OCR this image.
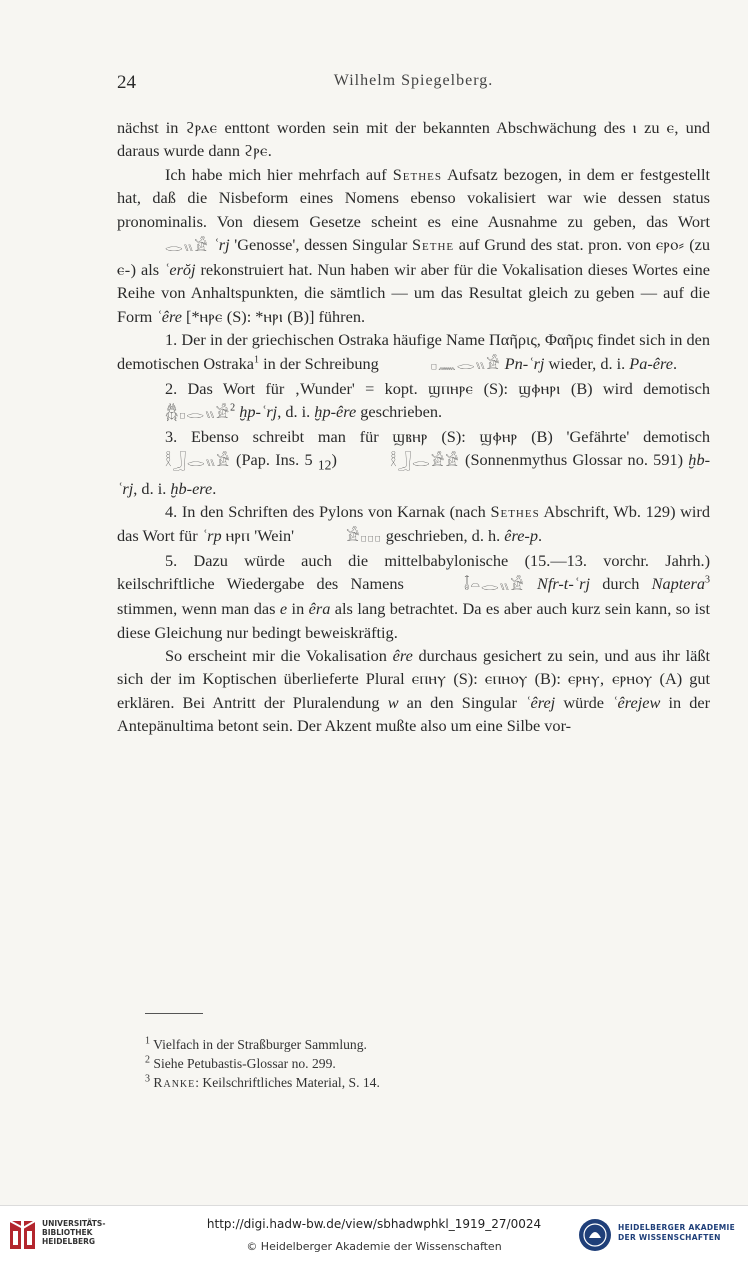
24	Wilhelm Spiegelberg.

nächst in ϩⲣⲁⲉ enttont worden sein mit der bekannten Abschwächung des ⲓ zu ⲉ, und daraus wurde dann ϩⲣⲉ.

Ich habe mich hier mehrfach auf Sethes Aufsatz bezogen, in dem er festgestellt hat, daß die Nisbeform eines Nomens ebenso vokalisiert war wie dessen status pronominalis. Von diesem Gesetze scheint es eine Ausnahme zu geben, das Wort 𓂋𓏭𓀀 ʿrj 'Genosse', dessen Singular Sethe auf Grund des stat. pron. von ⲉⲣⲟ⸗ (zu ⲉ-) als ʿerŏj rekonstruiert hat. Nun haben wir aber für die Vokalisation dieses Wortes eine Reihe von Anhaltspunkten, die sämtlich — um das Resultat gleich zu geben — auf die Form ʿêre [*ⲏⲣⲉ (S): *ⲏⲣⲓ (B)] führen.

1. Der in der griechischen Ostraka häufige Name Παῆρις, Φαῆρις findet sich in den demotischen Ostraka$^1$ in der Schreibung	𓊪𓈖𓂋𓏭𓀀 Pn-ʿrj wieder, d. i. Pa-êre.

2. Das Wort für ‚Wunder' = kopt. ϣⲡⲏⲣⲉ (S): ϣⲫⲏⲣⲓ (B) wird demotisch 𓆣𓊪𓂋𓏭𓀀$^2$ ḫp-ʿrj, d. i. ḫp-êre geschrieben.

3. Ebenso schreibt man für ϣⲃⲏⲣ (S): ϣⲫⲏⲣ (B) 'Gefährte' demotisch 𓎛𓃀𓂋𓏭𓀀 (Pap. Ins. 5 $_{12}$)	𓎛𓃀𓂋𓀀𓀀 (Sonnenmythus Glossar no. 591) ḫb-ʿrj, d. i. ḫb-ere.

4. In den Schriften des Pylons von Karnak (nach Sethes Abschrift, Wb. 129) wird das Wort für ʿrp ⲏⲣⲡ 'Wein'	𓀀𓊪𓊪𓊪 geschrieben, d. h. êre-p.

5. Dazu würde auch die mittelbabylonische (15.—13. vorchr. Jahrh.) keilschriftliche Wiedergabe des Namens	𓄤𓏏𓂋𓏭𓀀 Nfr-t-ʿrj durch Naptera$^3$ stimmen, wenn man das e in êra als lang betrachtet. Da es aber auch kurz sein kann, so ist diese Gleichung nur bedingt beweiskräftig.

So erscheint mir die Vokalisation êre durchaus gesichert zu sein, und aus ihr läßt sich der im Koptischen überlieferte Plural ⲉⲡⲏⲩ (S): ⲉⲡⲏⲟⲩ (B): ⲉⲣⲏⲩ, ⲉⲣⲏⲟⲩ (A) gut erklären. Bei Antritt der Pluralendung w an den Singular ʿêrej würde ʿêrejew in der Antepänultima betont sein. Der Akzent mußte also um eine Silbe vor-

$^1$ Vielfach in der Straßburger Sammlung.

$^2$ Siehe Petubastis-Glossar no. 299.

$^3$ Ranke: Keilschriftliches Material, S. 14.

UNIVERSITÄTS-
BIBLIOTHEK
HEIDELBERG
http://digi.hadw-bw.de/view/sbhadwphkl_1919_27/0024
© Heidelberger Akademie der Wissenschaften
HEIDELBERGER AKADEMIE
DER WISSENSCHAFTEN
